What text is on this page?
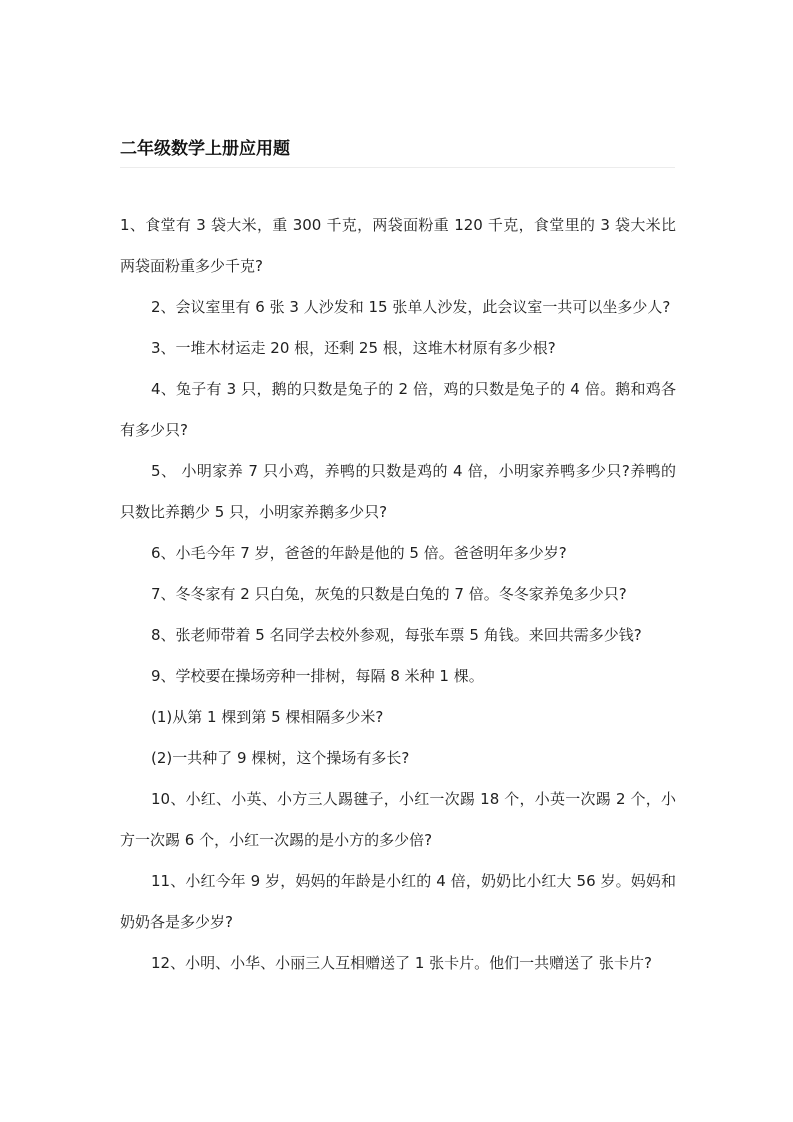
二年级数学上册应用题

1、食堂有 3 袋大米，重 300 千克，两袋面粉重 120 千克，食堂里的 3 袋大米比两袋面粉重多少千克?

2、会议室里有 6 张 3 人沙发和 15 张单人沙发，此会议室一共可以坐多少人?

3、一堆木材运走 20 根，还剩 25 根，这堆木材原有多少根?

4、兔子有 3 只，鹅的只数是兔子的 2 倍，鸡的只数是兔子的 4 倍。鹅和鸡各有多少只?

5、 小明家养 7 只小鸡，养鸭的只数是鸡的 4 倍，小明家养鸭多少只?养鸭的只数比养鹅少 5 只，小明家养鹅多少只?

6、小毛今年 7 岁，爸爸的年龄是他的 5 倍。爸爸明年多少岁?

7、冬冬家有 2 只白兔，灰兔的只数是白兔的 7 倍。冬冬家养兔多少只?

8、张老师带着 5 名同学去校外参观，每张车票 5 角钱。来回共需多少钱?

9、学校要在操场旁种一排树，每隔 8 米种 1 棵。

(1)从第 1 棵到第 5 棵相隔多少米?

(2)一共种了 9 棵树，这个操场有多长?

10、小红、小英、小方三人踢毽子，小红一次踢 18 个，小英一次踢 2 个，小方一次踢 6 个，小红一次踢的是小方的多少倍?

11、小红今年 9 岁，妈妈的年龄是小红的 4 倍，奶奶比小红大 56 岁。妈妈和奶奶各是多少岁?

12、小明、小华、小丽三人互相赠送了 1 张卡片。他们一共赠送了 张卡片?
